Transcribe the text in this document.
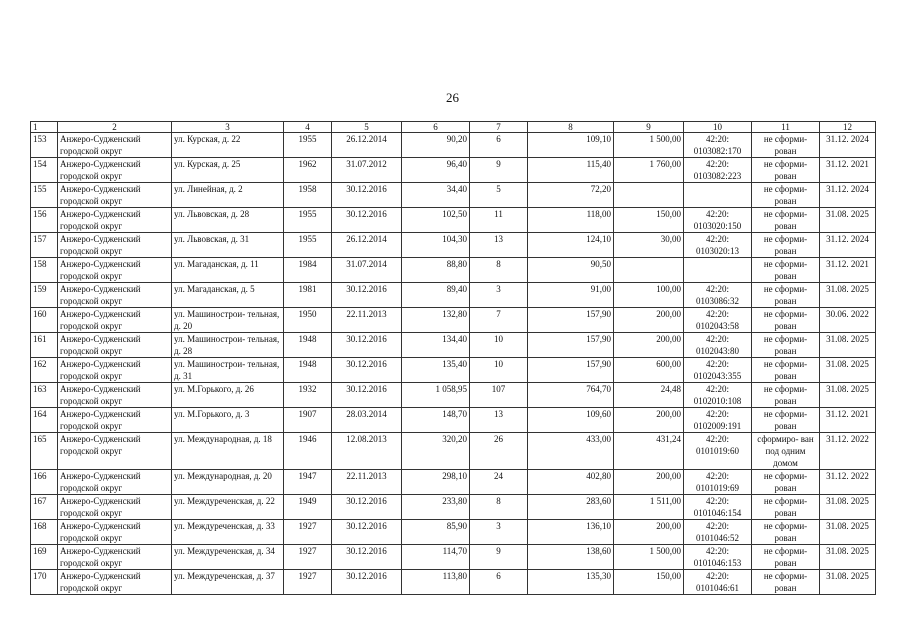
26
1	2	3	4	5	6	7	8	9	10	11	12
153	Анжеро-Судженский городской округ	ул. Курская, д. 22	1955	26.12.2014	90,20	6	109,10	1 500,00	42:20: 0103082:170	не сформи- рован	31.12. 2024
154	Анжеро-Судженский городской округ	ул. Курская, д. 25	1962	31.07.2012	96,40	9	115,40	1 760,00	42:20: 0103082:223	не сформи- рован	31.12. 2021
155	Анжеро-Судженский городской округ	ул. Линейная, д. 2	1958	30.12.2016	34,40	5	72,20			не сформи- рован	31.12. 2024
156	Анжеро-Судженский городской округ	ул. Львовская, д. 28	1955	30.12.2016	102,50	11	118,00	150,00	42:20: 0103020:150	не сформи- рован	31.08. 2025
157	Анжеро-Судженский городской округ	ул. Львовская, д. 31	1955	26.12.2014	104,30	13	124,10	30,00	42:20: 0103020:13	не сформи- рован	31.12. 2024
158	Анжеро-Судженский городской округ	ул. Магаданская, д. 11	1984	31.07.2014	88,80	8	90,50			не сформи- рован	31.12. 2021
159	Анжеро-Судженский городской округ	ул. Магаданская, д. 5	1981	30.12.2016	89,40	3	91,00	100,00	42:20: 0103086:32	не сформи- рован	31.08. 2025
160	Анжеро-Судженский городской округ	ул. Машинострои- тельная, д. 20	1950	22.11.2013	132,80	7	157,90	200,00	42:20: 0102043:58	не сформи- рован	30.06. 2022
161	Анжеро-Судженский городской округ	ул. Машинострои- тельная, д. 28	1948	30.12.2016	134,40	10	157,90	200,00	42:20: 0102043:80	не сформи- рован	31.08. 2025
162	Анжеро-Судженский городской округ	ул. Машинострои- тельная, д. 31	1948	30.12.2016	135,40	10	157,90	600,00	42:20: 0102043:355	не сформи- рован	31.08. 2025
163	Анжеро-Судженский городской округ	ул. М.Горького, д. 26	1932	30.12.2016	1 058,95	107	764,70	24,48	42:20: 0102010:108	не сформи- рован	31.08. 2025
164	Анжеро-Судженский городской округ	ул. М.Горького, д. 3	1907	28.03.2014	148,70	13	109,60	200,00	42:20: 0102009:191	не сформи- рован	31.12. 2021
165	Анжеро-Судженский городской округ	ул. Международная, д. 18	1946	12.08.2013	320,20	26	433,00	431,24	42:20: 0101019:60	сформиро- ван под одним домом	31.12. 2022
166	Анжеро-Судженский городской округ	ул. Международная, д. 20	1947	22.11.2013	298,10	24	402,80	200,00	42:20: 0101019:69	не сформи- рован	31.12. 2022
167	Анжеро-Судженский городской округ	ул. Междуреченская, д. 22	1949	30.12.2016	233,80	8	283,60	1 511,00	42:20: 0101046:154	не сформи- рован	31.08. 2025
168	Анжеро-Судженский городской округ	ул. Междуреченская, д. 33	1927	30.12.2016	85,90	3	136,10	200,00	42:20: 0101046:52	не сформи- рован	31.08. 2025
169	Анжеро-Судженский городской округ	ул. Междуреченская, д. 34	1927	30.12.2016	114,70	9	138,60	1 500,00	42:20: 0101046:153	не сформи- рован	31.08. 2025
170	Анжеро-Судженский городской округ	ул. Междуреченская, д. 37	1927	30.12.2016	113,80	6	135,30	150,00	42:20: 0101046:61	не сформи- рован	31.08. 2025
